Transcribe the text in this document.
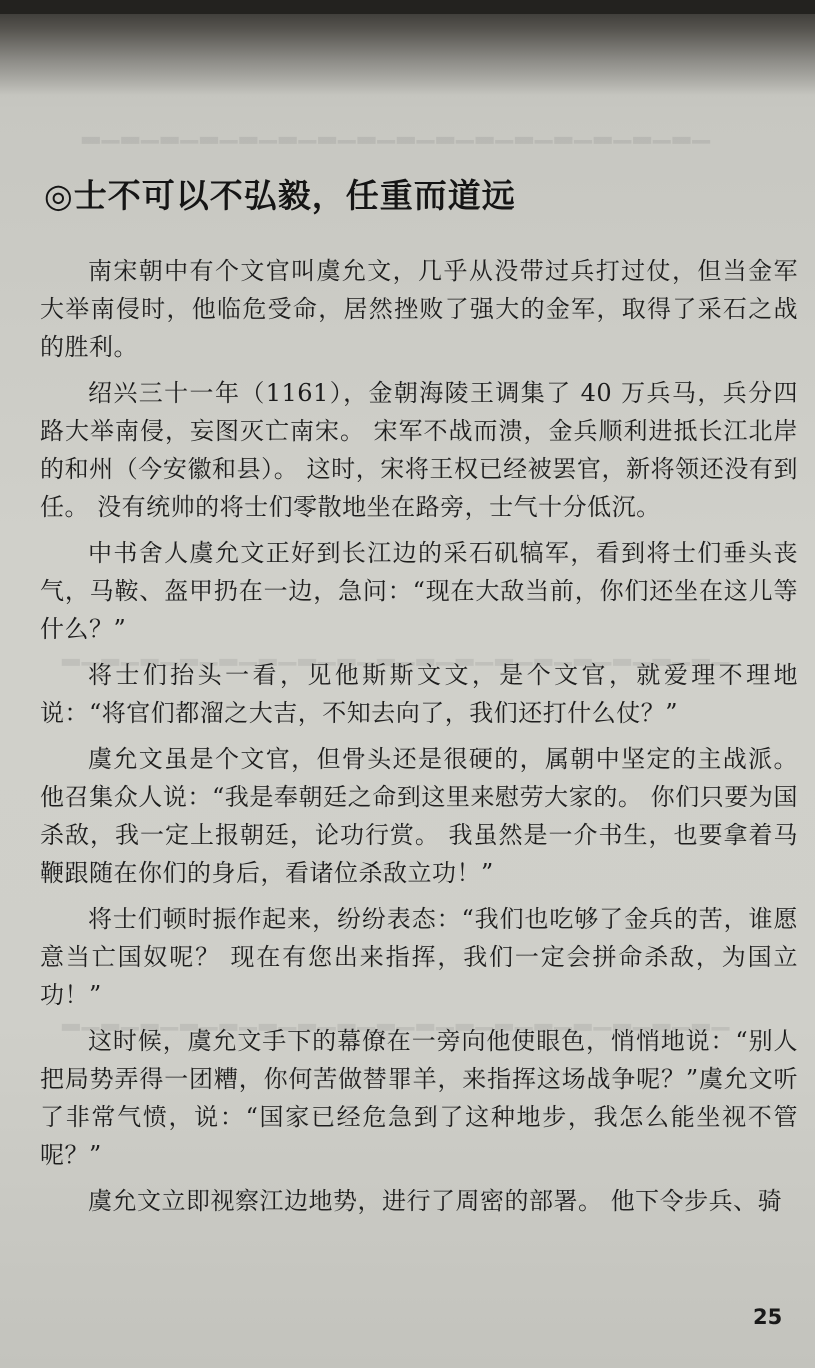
▁▂▁▂▁▂▁▂▁▂▁▂▁▂▁▂▁▂▁▂▁▂▁▂▁▂▁▂▁▂▁▂
▁▂▁▂▁▂▁▂▁▂▁▂▁▂▁▂▁▂▁▂▁▂▁▂▁▂▁▂▁▂▁▂▁▂
▁▂▁▂▁▂▁▂▁▂▁▂▁▂▁▂▁▂▁▂▁▂▁▂▁▂▁▂▁▂▁▂▁▂
◎士不可以不弘毅，任重而道远

南宋朝中有个文官叫虞允文，几乎从没带过兵打过仗，但当金军大举南侵时，他临危受命，居然挫败了强大的金军，取得了采石之战的胜利。

绍兴三十一年（1161），金朝海陵王调集了 40 万兵马，兵分四路大举南侵，妄图灭亡南宋。 宋军不战而溃，金兵顺利进抵长江北岸的和州（今安徽和县）。 这时，宋将王权已经被罢官，新将领还没有到任。 没有统帅的将士们零散地坐在路旁，士气十分低沉。

中书舍人虞允文正好到长江边的采石矶犒军，看到将士们垂头丧气，马鞍、盔甲扔在一边，急问：“现在大敌当前，你们还坐在这儿等什么？”

将士们抬头一看，见他斯斯文文，是个文官，就爱理不理地说：“将官们都溜之大吉，不知去向了，我们还打什么仗？”

虞允文虽是个文官，但骨头还是很硬的，属朝中坚定的主战派。他召集众人说：“我是奉朝廷之命到这里来慰劳大家的。 你们只要为国杀敌，我一定上报朝廷，论功行赏。 我虽然是一介书生，也要拿着马鞭跟随在你们的身后，看诸位杀敌立功！”

将士们顿时振作起来，纷纷表态：“我们也吃够了金兵的苦，谁愿意当亡国奴呢？ 现在有您出来指挥，我们一定会拼命杀敌，为国立功！”

这时候，虞允文手下的幕僚在一旁向他使眼色，悄悄地说：“别人把局势弄得一团糟，你何苦做替罪羊，来指挥这场战争呢？”虞允文听了非常气愤，说：“国家已经危急到了这种地步，我怎么能坐视不管呢？”

虞允文立即视察江边地势，进行了周密的部署。 他下令步兵、骑

25
